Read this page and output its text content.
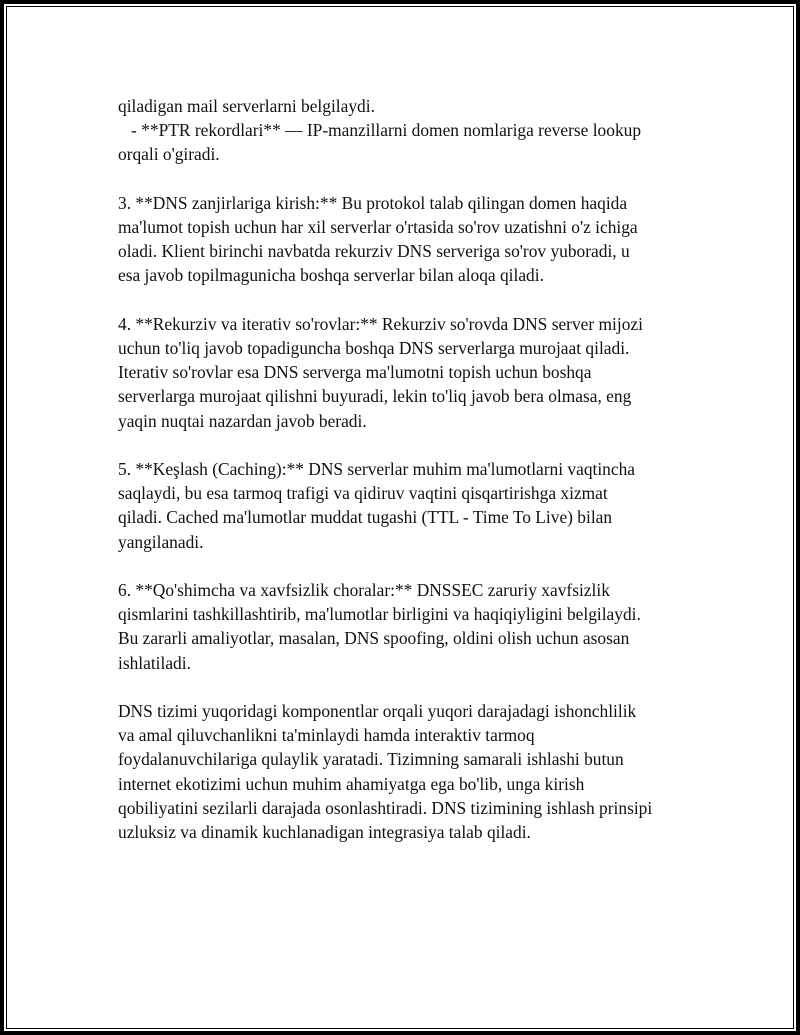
qiladigan mail serverlarni belgilaydi.
- **PTR rekordlari** — IP-manzillarni domen nomlariga reverse lookup
orqali o'giradi.

3. **DNS zanjirlariga kirish:** Bu protokol talab qilingan domen haqida
ma'lumot topish uchun har xil serverlar o'rtasida so'rov uzatishni o'z ichiga
oladi. Klient birinchi navbatda rekurziv DNS serveriga so'rov yuboradi, u
esa javob topilmagunicha boshqa serverlar bilan aloqa qiladi.

4. **Rekurziv va iterativ so'rovlar:** Rekurziv so'rovda DNS server mijozi
uchun to'liq javob topadiguncha boshqa DNS serverlarga murojaat qiladi.
Iterativ so'rovlar esa DNS serverga ma'lumotni topish uchun boshqa
serverlarga murojaat qilishni buyuradi, lekin to'liq javob bera olmasa, eng
yaqin nuqtai nazardan javob beradi.

5. **Keşlash (Caching):** DNS serverlar muhim ma'lumotlarni vaqtincha
saqlaydi, bu esa tarmoq trafigi va qidiruv vaqtini qisqartirishga xizmat
qiladi. Cached ma'lumotlar muddat tugashi (TTL - Time To Live) bilan
yangilanadi.

6. **Qo'shimcha va xavfsizlik choralar:** DNSSEC zaruriy xavfsizlik
qismlarini tashkillashtirib, ma'lumotlar birligini va haqiqiyligini belgilaydi.
Bu zararli amaliyotlar, masalan, DNS spoofing, oldini olish uchun asosan
ishlatiladi.

DNS tizimi yuqoridagi komponentlar orqali yuqori darajadagi ishonchlilik
va amal qiluvchanlikni ta'minlaydi hamda interaktiv tarmoq
foydalanuvchilariga qulaylik yaratadi. Tizimning samarali ishlashi butun
internet ekotizimi uchun muhim ahamiyatga ega bo'lib, unga kirish
qobiliyatini sezilarli darajada osonlashtiradi. DNS tizimining ishlash prinsipi
uzluksiz va dinamik kuchlanadigan integrasiya talab qiladi.
